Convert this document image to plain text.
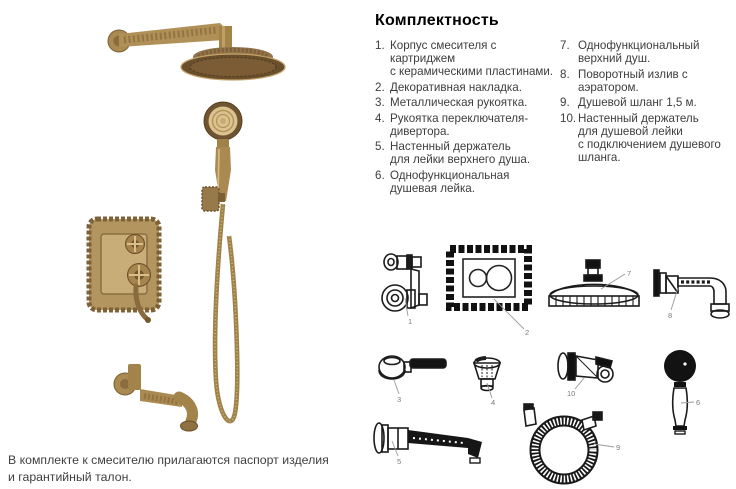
В комплекте к смесителю прилагаются паспорт изделия
и гарантийный талон.
Комплектность
1. Корпус смесителя с картриджем
с керамическими пластинами.
2. Декоративная накладка.
3. Металлическая рукоятка.
4. Рукоятка переключателя-
дивертора.
5. Настенный держатель
для лейки верхнего душа.
6. Однофункциональная
душевая лейка.
7. Однофункциональный
верхний душ.
8. Поворотный излив с аэратором.
9. Душевой шланг 1,5 м.
10. Настенный держатель
для душевой лейки
с подключением душевого
шланга.
1
2
7
8
3	4
10
6
5
9
